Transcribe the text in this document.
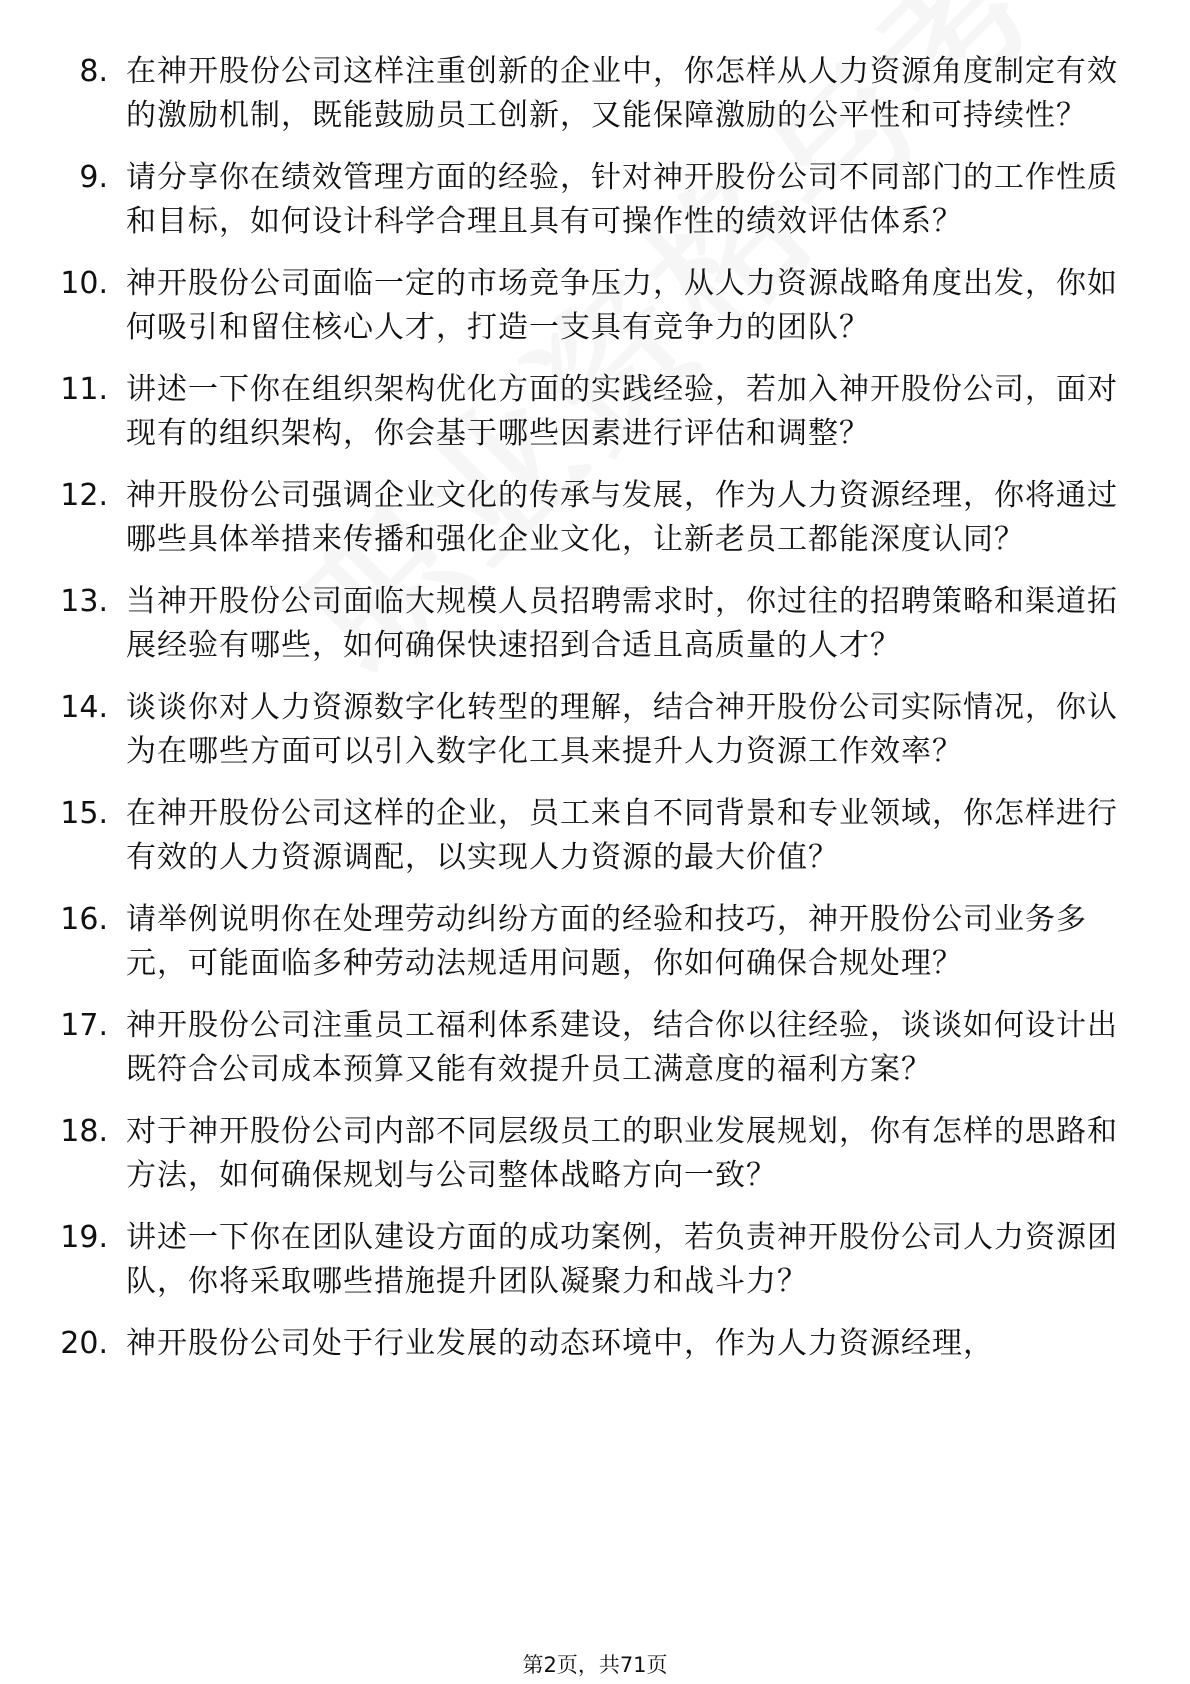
8. 在神开股份公司这样注重创新的企业中，你怎样从人力资源角度制定有效的激励机制，既能鼓励员工创新，又能保障激励的公平性和可持续性？
9. 请分享你在绩效管理方面的经验，针对神开股份公司不同部门的工作性质和目标，如何设计科学合理且具有可操作性的绩效评估体系？
10. 神开股份公司面临一定的市场竞争压力，从人力资源战略角度出发，你如何吸引和留住核心人才，打造一支具有竞争力的团队？
11. 讲述一下你在组织架构优化方面的实践经验，若加入神开股份公司，面对现有的组织架构，你会基于哪些因素进行评估和调整？
12. 神开股份公司强调企业文化的传承与发展，作为人力资源经理，你将通过哪些具体举措来传播和强化企业文化，让新老员工都能深度认同？
13. 当神开股份公司面临大规模人员招聘需求时，你过往的招聘策略和渠道拓展经验有哪些，如何确保快速招到合适且高质量的人才？
14. 谈谈你对人力资源数字化转型的理解，结合神开股份公司实际情况，你认为在哪些方面可以引入数字化工具来提升人力资源工作效率？
15. 在神开股份公司这样的企业，员工来自不同背景和专业领域，你怎样进行有效的人力资源调配，以实现人力资源的最大价值？
16. 请举例说明你在处理劳动纠纷方面的经验和技巧，神开股份公司业务多元，可能面临多种劳动法规适用问题，你如何确保合规处理？
17. 神开股份公司注重员工福利体系建设，结合你以往经验，谈谈如何设计出既符合公司成本预算又能有效提升员工满意度的福利方案？
18. 对于神开股份公司内部不同层级员工的职业发展规划，你有怎样的思路和方法，如何确保规划与公司整体战略方向一致？
19. 讲述一下你在团队建设方面的成功案例，若负责神开股份公司人力资源团队，你将采取哪些措施提升团队凝聚力和战斗力？
20. 神开股份公司处于行业发展的动态环境中，作为人力资源经理，
第2页，共71页
